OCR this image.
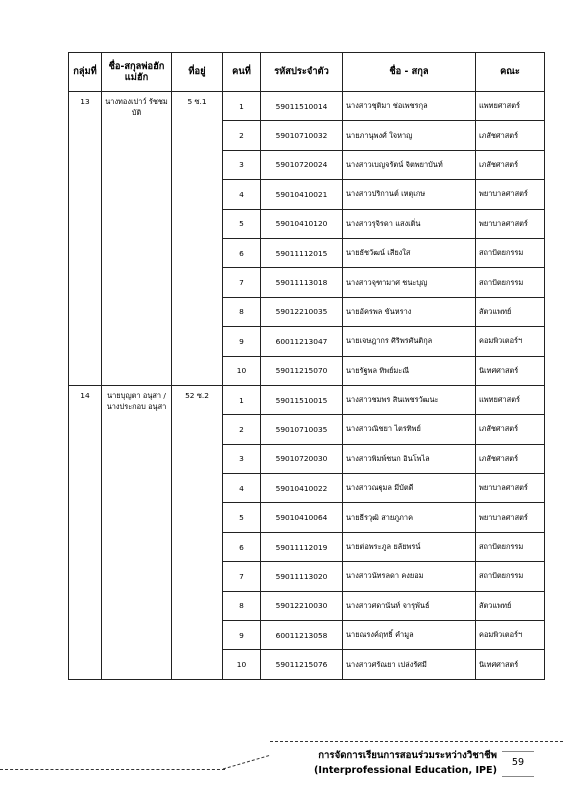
กลุ่มที่	ชื่อ-สกุลพ่อฮักแม่ฮัก	ที่อยู่	คนที่	รหัสประจำตัว	ชื่อ - สกุล	คณะ
13	นางทองเปาว์ รัชชมบัติ	5 ซ.1	1	59011510014	นางสาวชุติมา ช่อเพชรกุล	แพทยศาสตร์
			2	59010710032	นายภานุพงศ์ ใจหาญ	เภสัชศาสตร์
			3	59010720024	นางสาวเบญจรัตน์ จิตพยาบันท์	เภสัชศาสตร์
			4	59010410021	นางสาวปริกานต์ เหตุเกษ	พยาบาลศาสตร์
			5	59010410120	นางสาวรุจิรดา แสงเติ่น	พยาบาลศาสตร์
			6	59011112015	นายธัชวัฒน์ เสียงใส	สถาปัตยกรรม
			7	59011113018	นางสาวจุฑามาศ ชนะบุญ	สถาปัตยกรรม
			8	59012210035	นายอัครพล ขันหราง	สัตวแพทย์
			9	60011213047	นายเจษฎากร ศิริพรศันติกุล	คอมพิวเตอร์ฯ
			10	59011215070	นายรัฐพล ทิพย์มะณี	นิเทศศาสตร์
14	นายบุญตา อนุสา / นางประกอบ อนุสา	52 ซ.2	1	59011510015	นางสาวชมพร สินเพชรวัฒนะ	แพทยศาสตร์
			2	59010710035	นางสาวณิชยา ไตรทิพย์	เภสัชศาสตร์
			3	59010720030	นางสาวพิมพ์ชนก อินโพไล	เภสัชศาสตร์
			4	59010410022	นางสาวณฐุมล มีบัตดี	พยาบาลศาสตร์
			5	59010410064	นายธีรวุฒิ สายภูภาค	พยาบาลศาสตร์
			6	59011112019	นายต่อพระภูล ยลัยพรน์	สถาปัตยกรรม
			7	59011113020	นางสาวนัทรลดา คงยอม	สถาปัตยกรรม
			8	59012210030	นางสาวศดานันท์ จารุพันธ์	สัตวแพทย์
			9	60011213058	นายณรงค์ฤทธิ์ คำมูล	คอมพิวเตอร์ฯ
			10	59011215076	นางสาวศรัณยา เปล่งรัศมี	นิเทศศาสตร์
การจัดการเรียนการสอนร่วมระหว่างวิชาชีพ
(Interprofessional Education, IPE)
59
